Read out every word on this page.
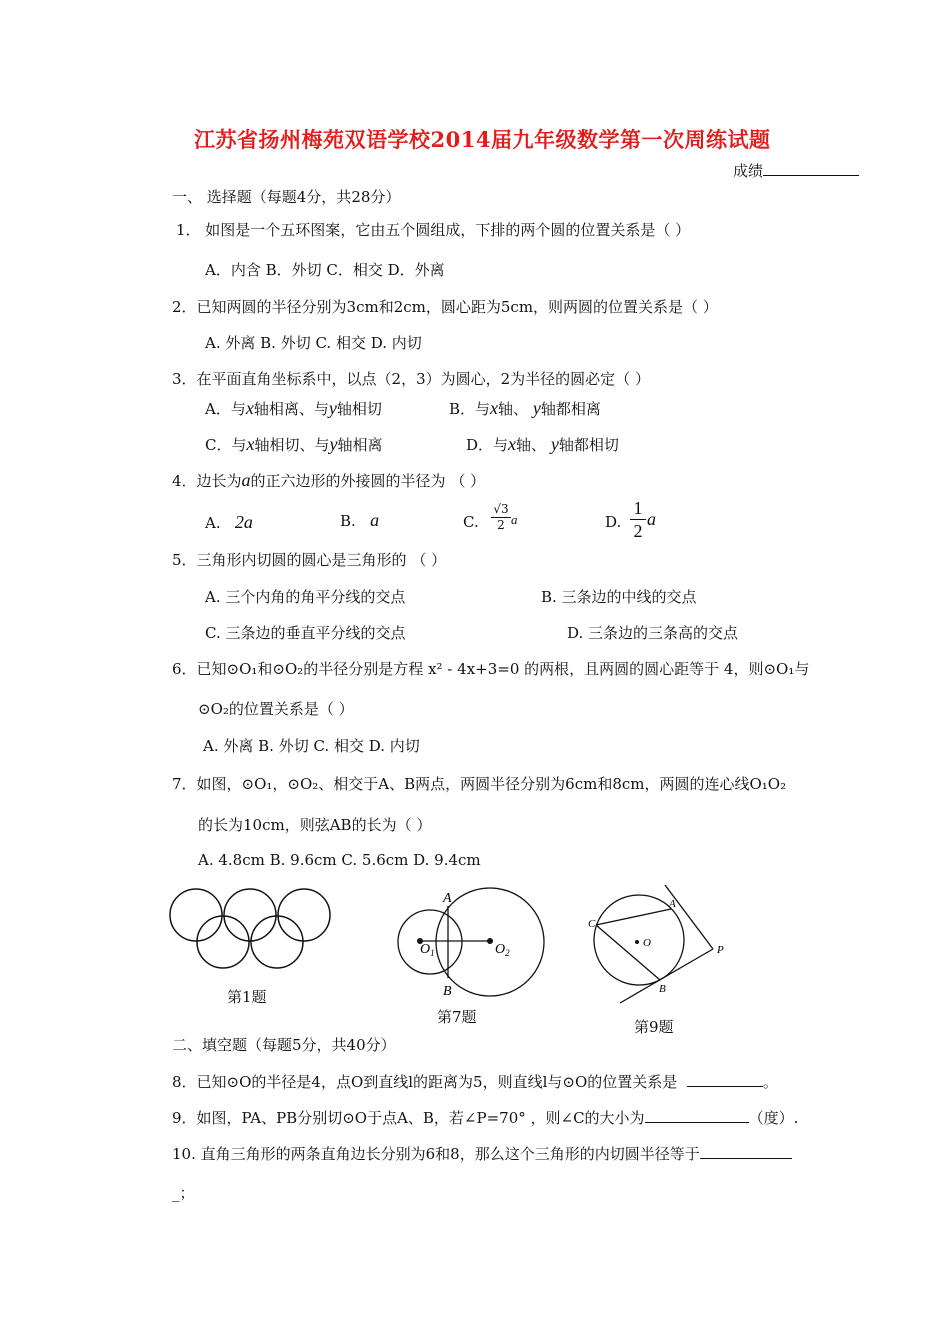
江苏省扬州梅苑双语学校2014届九年级数学第一次周练试题
成绩
一、 选择题（每题4分，共28分）
1． 如图是一个五环图案，它由五个圆组成，下排的两个圆的位置关系是（ ）
A．内含 B．外切 C．相交 D．外离
2．已知两圆的半径分别为3cm和2cm，圆心距为5cm，则两圆的位置关系是（ ）
A. 外离 B. 外切 C. 相交 D. 内切
3．在平面直角坐标系中，以点（2，3）为圆心，2为半径的圆必定（ ）
A．与x轴相离、与y轴相切	B．与x轴、 y轴都相离
C．与x轴相切、与y轴相离	D．与x轴、 y轴都相切
4．边长为a的正六边形的外接圆的半径为 （ ）
A. 2a	B. a	C.
√3
2 a	D.
1
2
a
5．三角形内切圆的圆心是三角形的 （ ）
A. 三个内角的角平分线的交点	B. 三条边的中线的交点
C. 三条边的垂直平分线的交点	D. 三条边的三条高的交点
6．已知⊙O₁和⊙O₂的半径分别是方程 x² - 4x+3=0 的两根，且两圆的圆心距等于 4，则⊙O₁与
⊙O₂的位置关系是（ ）
A. 外离 B. 外切 C. 相交 D. 内切
7．如图，⊙O₁，⊙O₂、相交于A、B两点，两圆半径分别为6cm和8cm，两圆的连心线O₁O₂
的长为10cm，则弦AB的长为（ ）
A. 4.8cm B. 9.6cm C. 5.6cm D. 9.4cm
第1题
A
B
$O_1$	$O_2$
第7题
A
B
C
O
P
第9题
二、填空题（每题5分，共40分）
8．已知⊙O的半径是4，点O到直线l的距离为5，则直线l与⊙O的位置关系是	。
9．如图，PA、PB分别切⊙O于点A、B，若∠P=70° ，则∠C的大小为	（度）.
10. 直角三角形的两条直角边长分别为6和8，那么这个三角形的内切圆半径等于
_；
